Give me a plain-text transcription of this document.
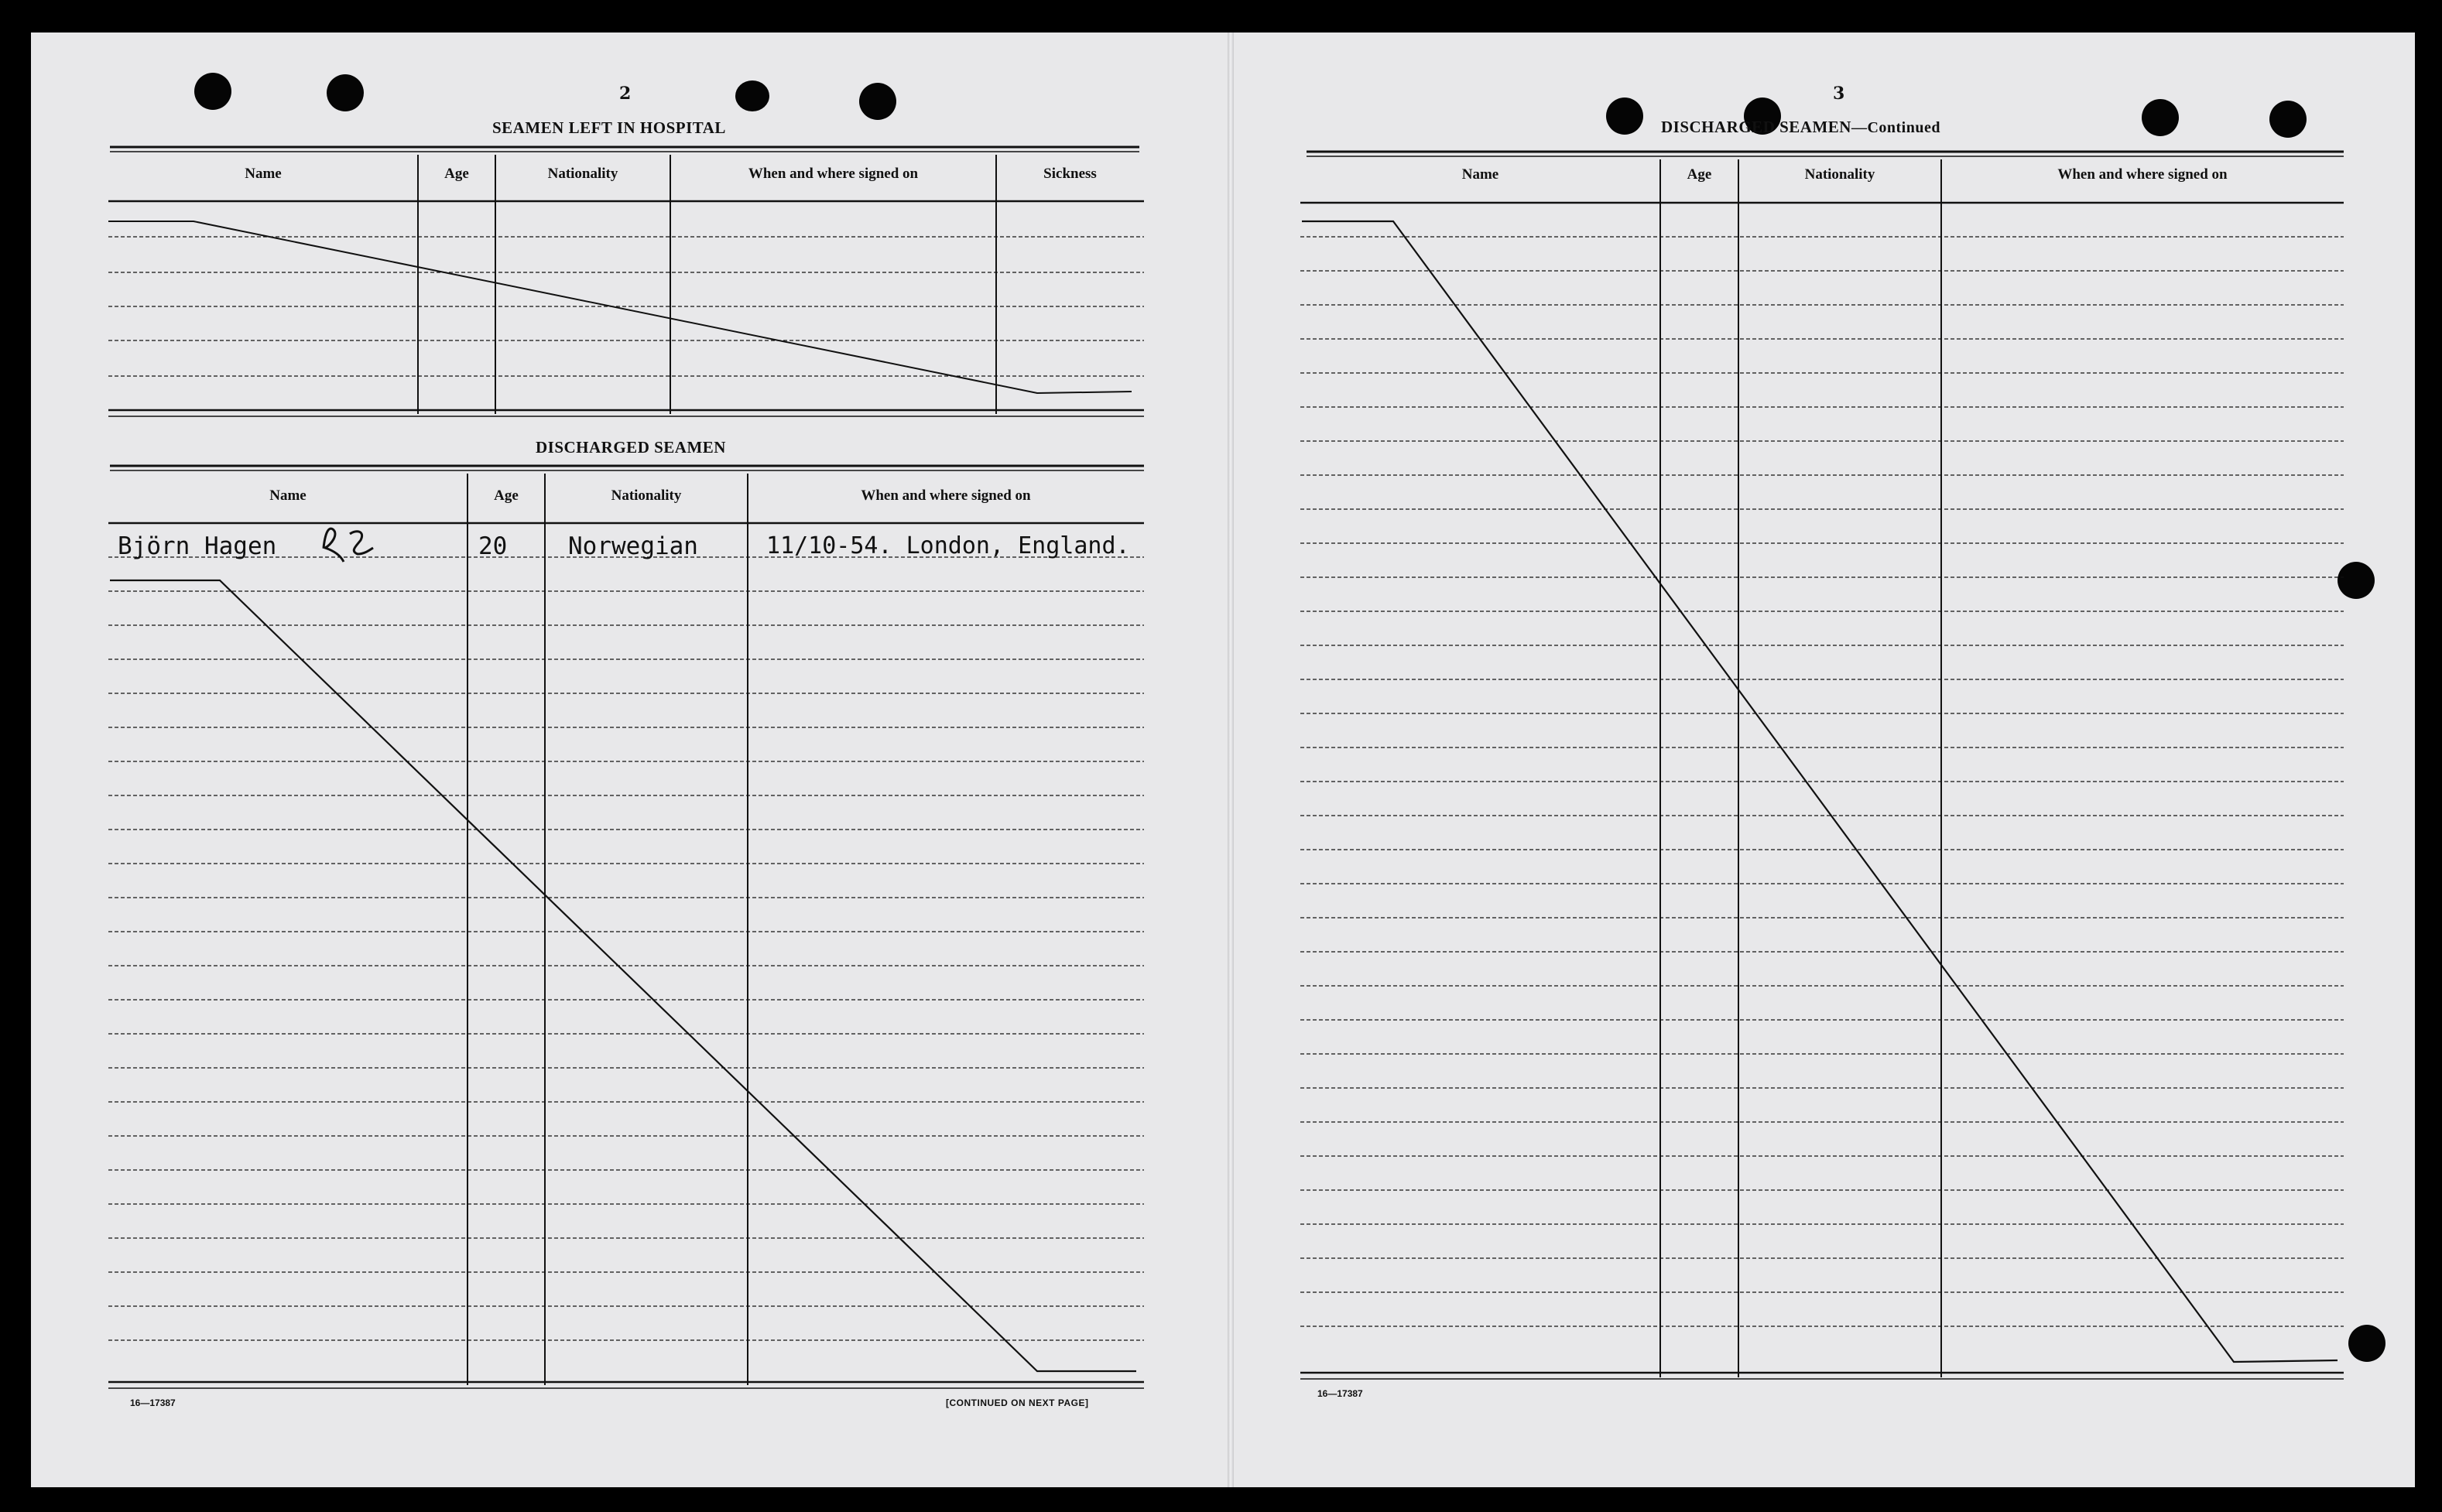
2
SEAMEN LEFT IN HOSPITAL
Name	Age	Nationality	When and where signed on	Sickness
DISCHARGED SEAMEN
Name	Age	Nationality	When and where signed on
Björn Hagen	20	Norwegian	11/10-54. London, England.
16—17387	[CONTINUED ON NEXT PAGE]
3
DISCHARGED SEAMEN—Continued
Name	Age	Nationality	When and where signed on
16—17387
